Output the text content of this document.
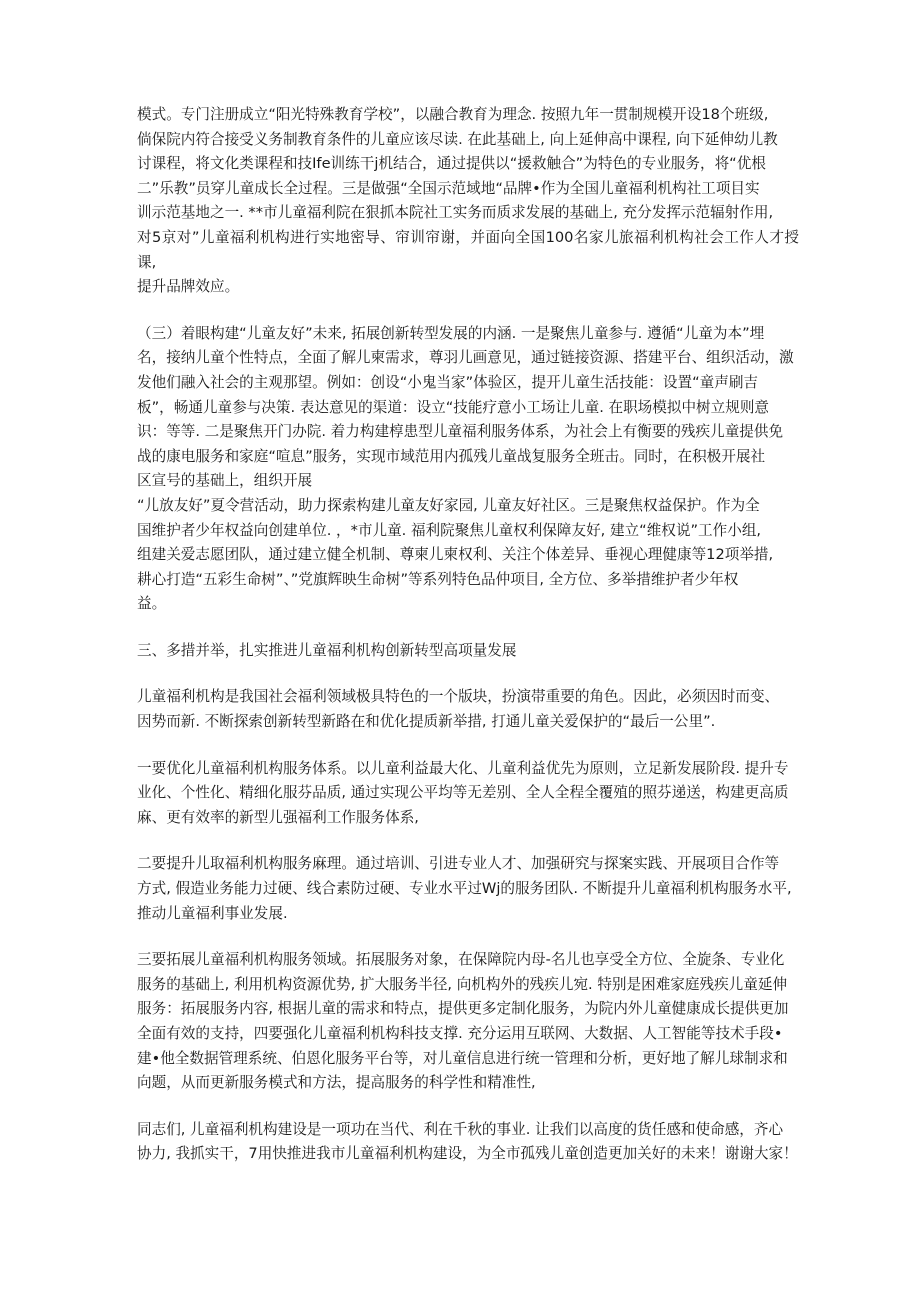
模式。专门注册成立“阳光特殊教育学校”，以融合教育为理念. 按照九年一贯制规模开设18个班级,
倘保院内符合接受义务制教育条件的儿童应该尽读. 在此基础上, 向上延伸高中课程, 向下延伸幼儿教
讨课程，将文化类课程和技Ife训练干j机结合，通过提供以“援救触合”为特色的专业服务，将“优根
二”乐教”员穿儿童成长全过程。三是做强“全国示范域地“品牌•作为全国儿童福利机构社工项目实
训示范基地之一. **市儿童福利院在狠抓本院社工实务而质求发展的基础上, 充分发挥示范辐射作用,
对5京对”儿童福利机构进行实地密导、帘训帘谢，并面向全国100名家儿旅福利机构社会工作人才授课,
提升品牌效应。
（三）着眼构建“儿童友好”未来, 拓展创新转型发展的内涵. 一是聚焦儿童参与. 遵循“儿童为本”埋
名，接纳儿童个性特点，全面了解儿柬需求，尊羽儿画意见，通过链接资源、搭建平台、组织活动，激
发他们融入社会的主观那望。例如：创设“小鬼当家”体验区，提开儿童生活技能：设置“童声刷吉
板”，畅通儿童参与决策. 表达意见的渠道：设立“技能疗意小工场让儿童. 在职场模拟中树立规则意
识：等等. 二是聚焦开门办院. 着力构建椁患型儿童福利服务体系，为社会上有衡要的残疾儿童提供免
战的康电服务和家庭“喧息”服务，实现市域范用内孤残儿童战复服务全班击。同时，在积极开展社
区宣号的基础上，组织开展
“儿放友好”夏令营活动，助力探索构建儿童友好家园, 儿童友好社区。三是聚焦权益保护。作为全
国维护者少年权益向创建单位. ，*市儿童. 福利院聚焦儿童权利保障友好, 建立“维权说”工作小组,
组建关爱志愿团队，通过建立健全机制、尊柬儿柬权利、关注个体差异、垂视心理健康等12项举措,
耕心打造“五彩生命树”、”党旗辉映生命树”等系列特色品仲项目, 全方位、多举措维护者少年权
益。
三、多措并举，扎实推进儿童福利机构创新转型高项量发展
儿童福利机构是我国社会福利领域极具特色的一个版块，扮演帯重要的角色。因此，必须因时而变、
因势而新. 不断探索创新转型新路在和优化提质新举措, 打通儿童关爱保护的“最后一公里”.
一要优化儿童福利机构服务体系。以儿童利益最大化、儿童利益优先为原则，立足新发展阶段. 提升专
业化、个性化、精细化服芬品质, 通过实现公平均等无差别、全人全程全覆殖的照芬递送，构建更高质
麻、更有效率的新型儿强福利工作服务体系,
二要提升儿取福利机构服务麻理。通过培训、引进专业人才、加强研究与探案实践、开展项目合作等
方式, 假造业务能力过硬、线合素防过硬、专业水平过Wj的服务团队. 不断提升儿童福利机构服务水平,
推动儿童福利事业发展.
三要拓展儿童福利机构服务领域。拓展服务对象，在保障院内母-名儿也享受全方位、全旋条、专业化
服务的基础上, 利用机构资源优势, 扩大服务半径, 向机构外的残疾儿宛. 特别是困难家庭残疾儿童延伸
服务：拓展服务内容, 根据儿童的需求和特点，提供更多定制化服务，为院内外儿童健康成长提供更加
全面有效的支持，四要强化儿童福利机构科技支撑. 充分运用互联网、大数据、人工智能等技术手段•
建•他全数据管理系统、伯恩化服务平台等，对儿童信息进行统一管理和分析，更好地了解儿球制求和
向题，从而更新服务模式和方法，提高服务的科学性和精准性,
同志们, 儿童福利机构建设是一项功在当代、利在千秋的事业. 让我们以高度的货任感和使命感，齐心
协力, 我抓实干，7用快推进我市儿童福利机构建设，为全市孤残儿童创造更加关好的未来！谢谢大家！
